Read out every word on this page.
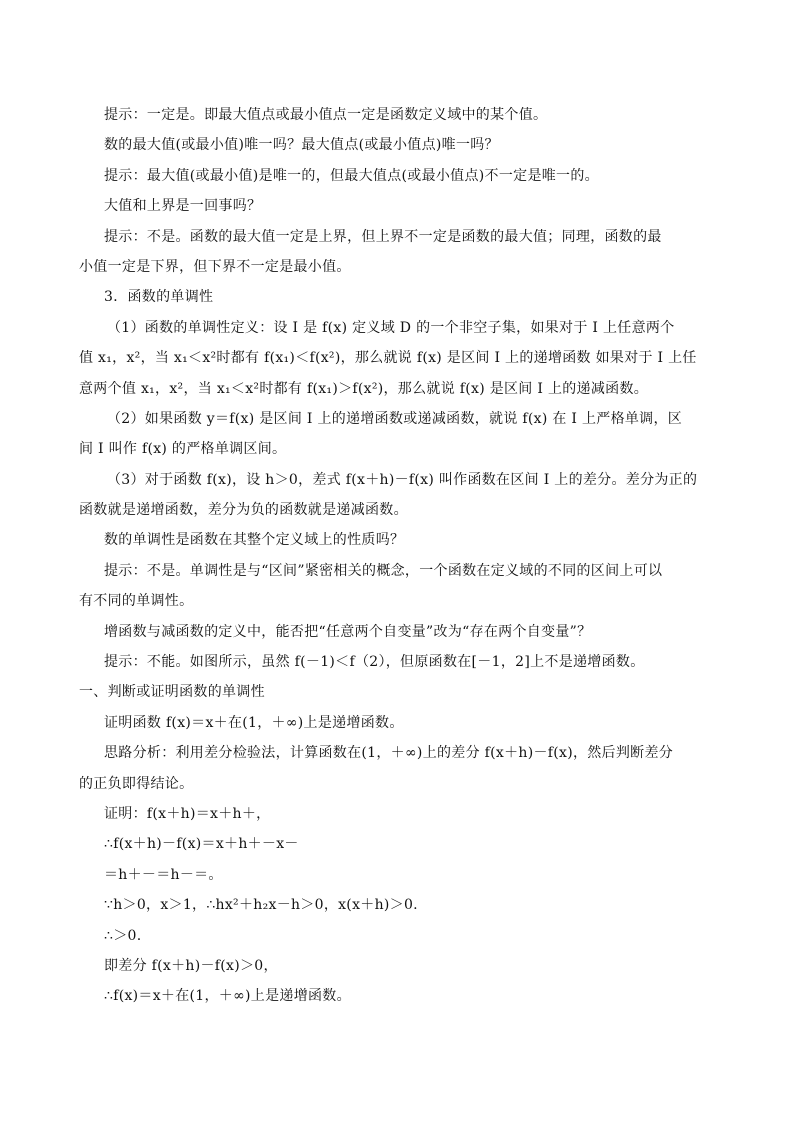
提示：一定是。即最大值点或最小值点一定是函数定义域中的某个值。
数的最大值(或最小值)唯一吗？最大值点(或最小值点)唯一吗？
提示：最大值(或最小值)是唯一的，但最大值点(或最小值点)不一定是唯一的。
大值和上界是一回事吗？
提示：不是。函数的最大值一定是上界，但上界不一定是函数的最大值；同理，函数的最
小值一定是下界，但下界不一定是最小值。
3．函数的单调性
（1）函数的单调性定义：设 I 是 f(x) 定义域 D 的一个非空子集，如果对于 I 上任意两个
值 x₁，x²，当 x₁＜x²时都有 f(x₁)＜f(x²)，那么就说 f(x) 是区间 I 上的递增函数 如果对于 I 上任
意两个值 x₁，x²，当 x₁＜x²时都有 f(x₁)＞f(x²)，那么就说 f(x) 是区间 I 上的递减函数。
（2）如果函数 y＝f(x) 是区间 I 上的递增函数或递减函数，就说 f(x) 在 I 上严格单调，区
间 I 叫作 f(x) 的严格单调区间。
（3）对于函数 f(x)，设 h＞0，差式 f(x＋h)－f(x) 叫作函数在区间 I 上的差分。差分为正的
函数就是递增函数，差分为负的函数就是递减函数。
数的单调性是函数在其整个定义域上的性质吗？
提示：不是。单调性是与“区间”紧密相关的概念，一个函数在定义域的不同的区间上可以
有不同的单调性。
增函数与减函数的定义中，能否把“任意两个自变量”改为“存在两个自变量”？
提示：不能。如图所示，虽然 f(－1)＜f（2），但原函数在[－1，2]上不是递增函数。
一、判断或证明函数的单调性
证明函数 f(x)＝x＋在(1，＋∞)上是递增函数。
思路分析：利用差分检验法，计算函数在(1，＋∞)上的差分 f(x＋h)－f(x)，然后判断差分
的正负即得结论。
证明：f(x＋h)＝x＋h＋，
∴f(x＋h)－f(x)＝x＋h＋－x－
＝h＋－＝h－＝。
∵h＞0，x＞1，∴hx²＋h₂x－h＞0，x(x＋h)＞0.
∴＞0.
即差分 f(x＋h)－f(x)＞0，
∴f(x)＝x＋在(1，＋∞)上是递增函数。
